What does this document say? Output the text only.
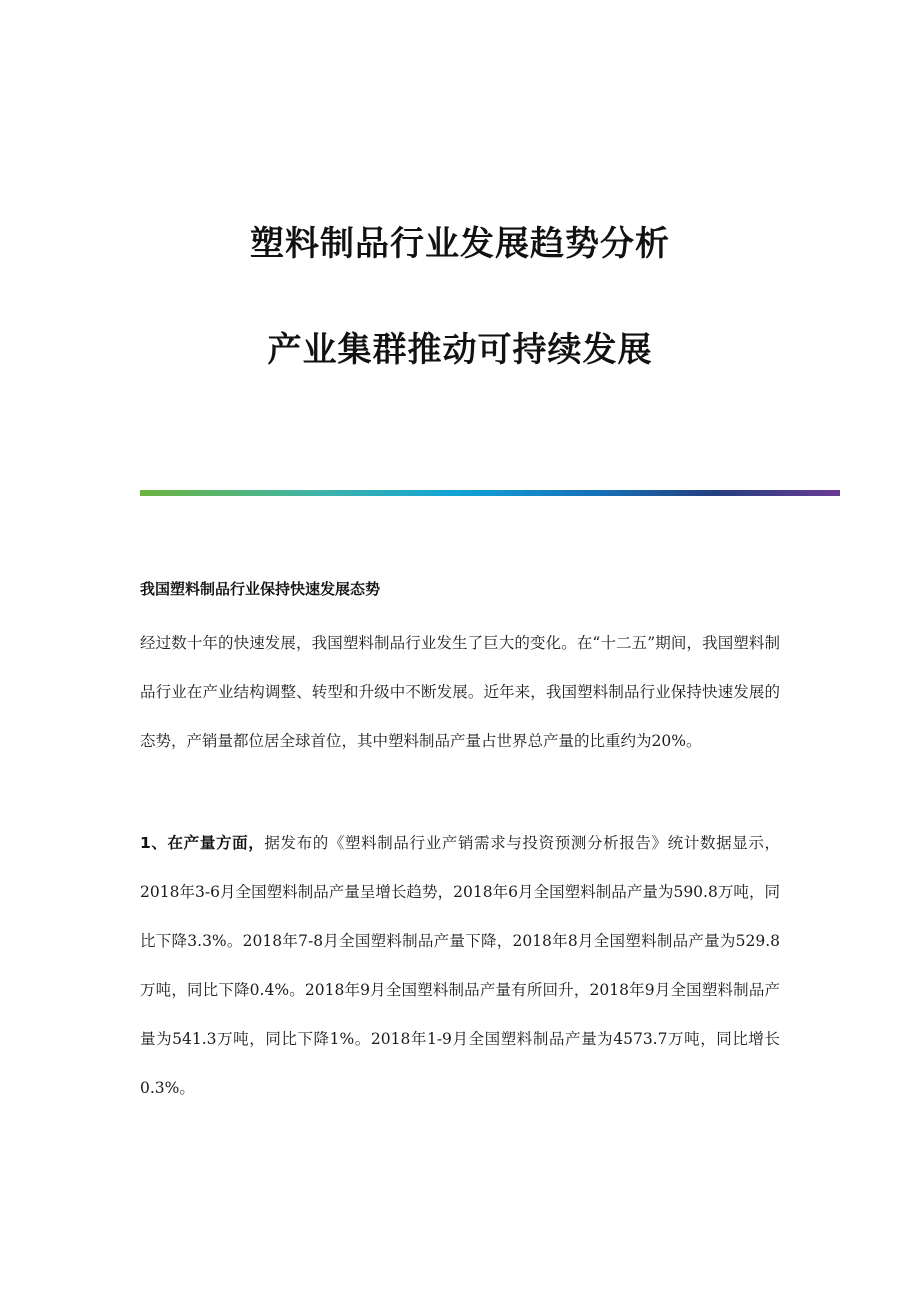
塑料制品行业发展趋势分析
产业集群推动可持续发展
我国塑料制品行业保持快速发展态势

经过数十年的快速发展，我国塑料制品行业发生了巨大的变化。在“十二五”期间，我国塑料制品行业在产业结构调整、转型和升级中不断发展。近年来，我国塑料制品行业保持快速发展的态势，产销量都位居全球首位，其中塑料制品产量占世界总产量的比重约为20%。

1、在产量方面，据发布的《塑料制品行业产销需求与投资预测分析报告》统计数据显示，2018年3-6月全国塑料制品产量呈增长趋势，2018年6月全国塑料制品产量为590.8万吨，同比下降3.3%。2018年7-8月全国塑料制品产量下降，2018年8月全国塑料制品产量为529.8万吨，同比下降0.4%。2018年9月全国塑料制品产量有所回升，2018年9月全国塑料制品产量为541.3万吨，同比下降1%。2018年1-9月全国塑料制品产量为4573.7万吨，同比增长0.3%。
